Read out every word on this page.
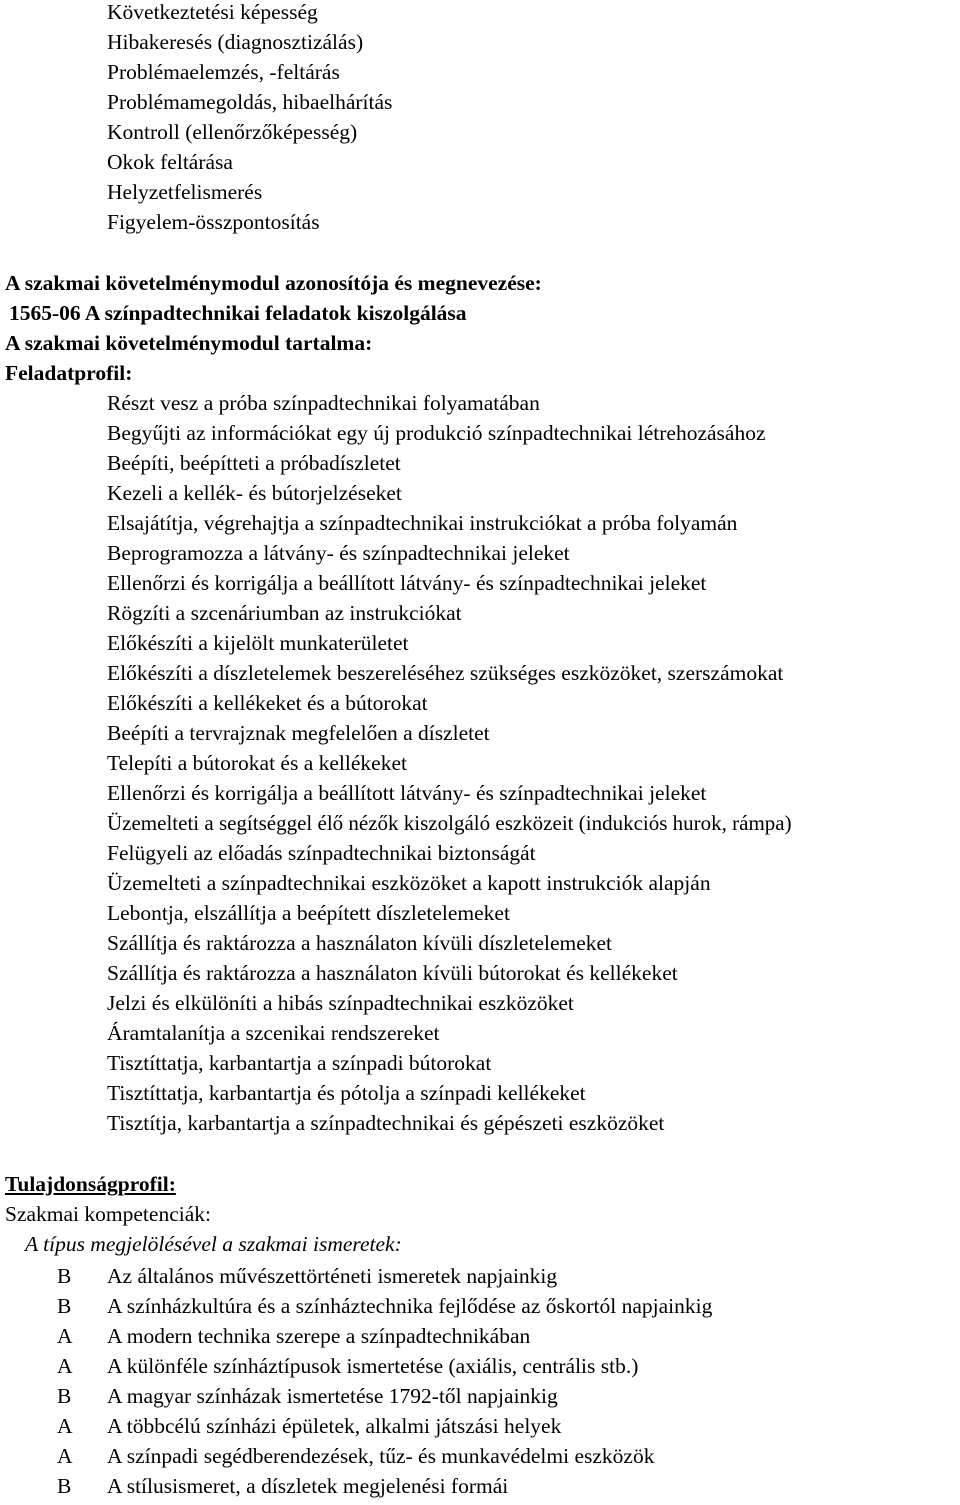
Következtetési képesség
Hibakeresés (diagnosztizálás)
Problémaelemzés, -feltárás
Problémamegoldás, hibaelhárítás
Kontroll (ellenőrzőképesség)
Okok feltárása
Helyzetfelismerés
Figyelem-összpontosítás
A szakmai követelménymodul azonosítója és megnevezése:
1565-06 A színpadtechnikai feladatok kiszolgálása
A szakmai követelménymodul tartalma:
Feladatprofil:
Részt vesz a próba színpadtechnikai folyamatában
Begyűjti az információkat egy új produkció színpadtechnikai létrehozásához
Beépíti, beépítteti a próbadíszletet
Kezeli a kellék- és bútorjelzéseket
Elsajátítja, végrehajtja a színpadtechnikai instrukciókat a próba folyamán
Beprogramozza a látvány- és színpadtechnikai jeleket
Ellenőrzi és korrigálja a beállított látvány- és színpadtechnikai jeleket
Rögzíti a szcenáriumban az instrukciókat
Előkészíti a kijelölt munkaterületet
Előkészíti a díszletelemek beszereléséhez szükséges eszközöket, szerszámokat
Előkészíti a kellékeket és a bútorokat
Beépíti a tervrajznak megfelelően a díszletet
Telepíti a bútorokat és a kellékeket
Ellenőrzi és korrigálja a beállított látvány- és színpadtechnikai jeleket
Üzemelteti a segítséggel élő nézők kiszolgáló eszközeit (indukciós hurok, rámpa)
Felügyeli az előadás színpadtechnikai biztonságát
Üzemelteti a színpadtechnikai eszközöket a kapott instrukciók alapján
Lebontja, elszállítja a beépített díszletelemeket
Szállítja és raktározza a használaton kívüli díszletelemeket
Szállítja és raktározza a használaton kívüli bútorokat és kellékeket
Jelzi és elkülöníti a hibás színpadtechnikai eszközöket
Áramtalanítja a szcenikai rendszereket
Tisztíttatja, karbantartja a színpadi bútorokat
Tisztíttatja, karbantartja és pótolja a színpadi kellékeket
Tisztítja, karbantartja a színpadtechnikai és gépészeti eszközöket
Tulajdonságprofil:
Szakmai kompetenciák:
A típus megjelölésével a szakmai ismeretek:
B Az általános művészettörténeti ismeretek napjainkig
B A színházkultúra és a színháztechnika fejlődése az őskortól napjainkig
A A modern technika szerepe a színpadtechnikában
A A különféle színháztípusok ismertetése (axiális, centrális stb.)
B A magyar színházak ismertetése 1792-től napjainkig
A A többcélú színházi épületek, alkalmi játszási helyek
A A színpadi segédberendezések, tűz- és munkavédelmi eszközök
B A stílusismeret, a díszletek megjelenési formái
